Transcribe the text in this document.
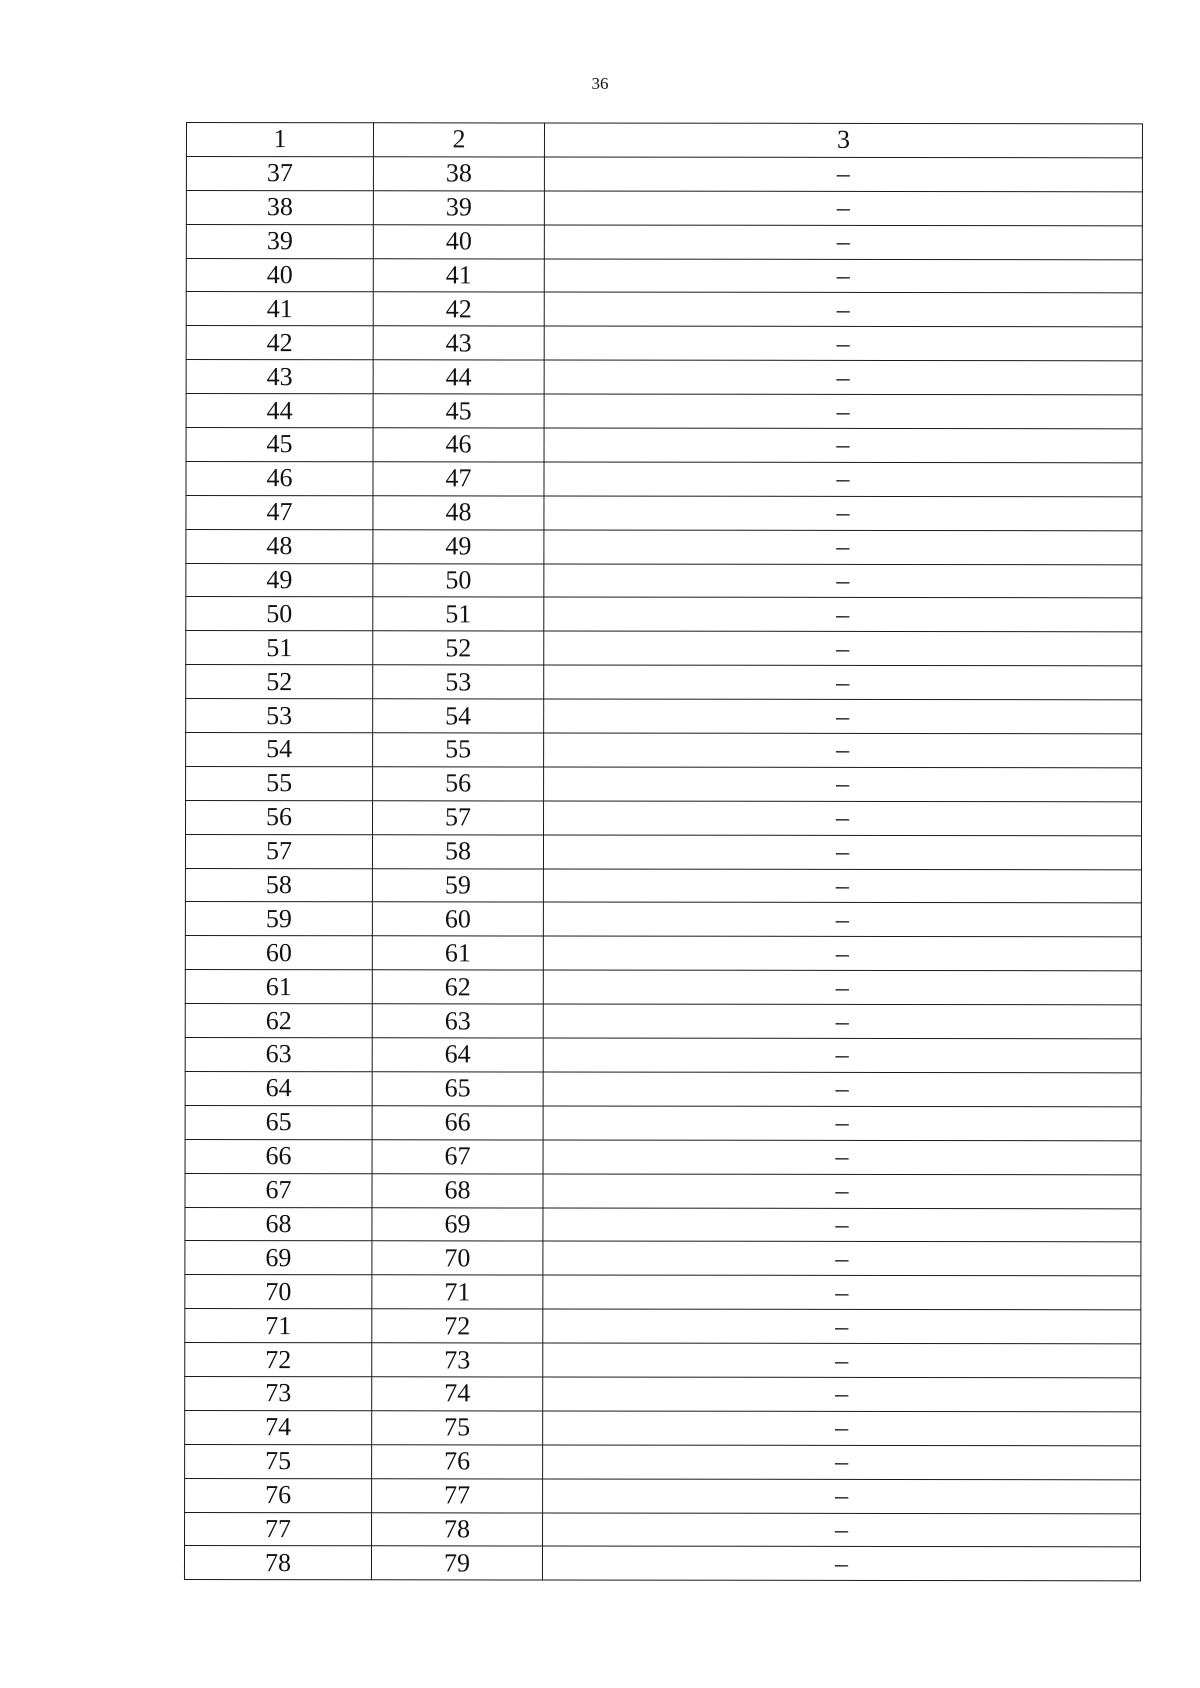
36
1	2	3
37	38	–
38	39	–
39	40	–
40	41	–
41	42	–
42	43	–
43	44	–
44	45	–
45	46	–
46	47	–
47	48	–
48	49	–
49	50	–
50	51	–
51	52	–
52	53	–
53	54	–
54	55	–
55	56	–
56	57	–
57	58	–
58	59	–
59	60	–
60	61	–
61	62	–
62	63	–
63	64	–
64	65	–
65	66	–
66	67	–
67	68	–
68	69	–
69	70	–
70	71	–
71	72	–
72	73	–
73	74	–
74	75	–
75	76	–
76	77	–
77	78	–
78	79	–
